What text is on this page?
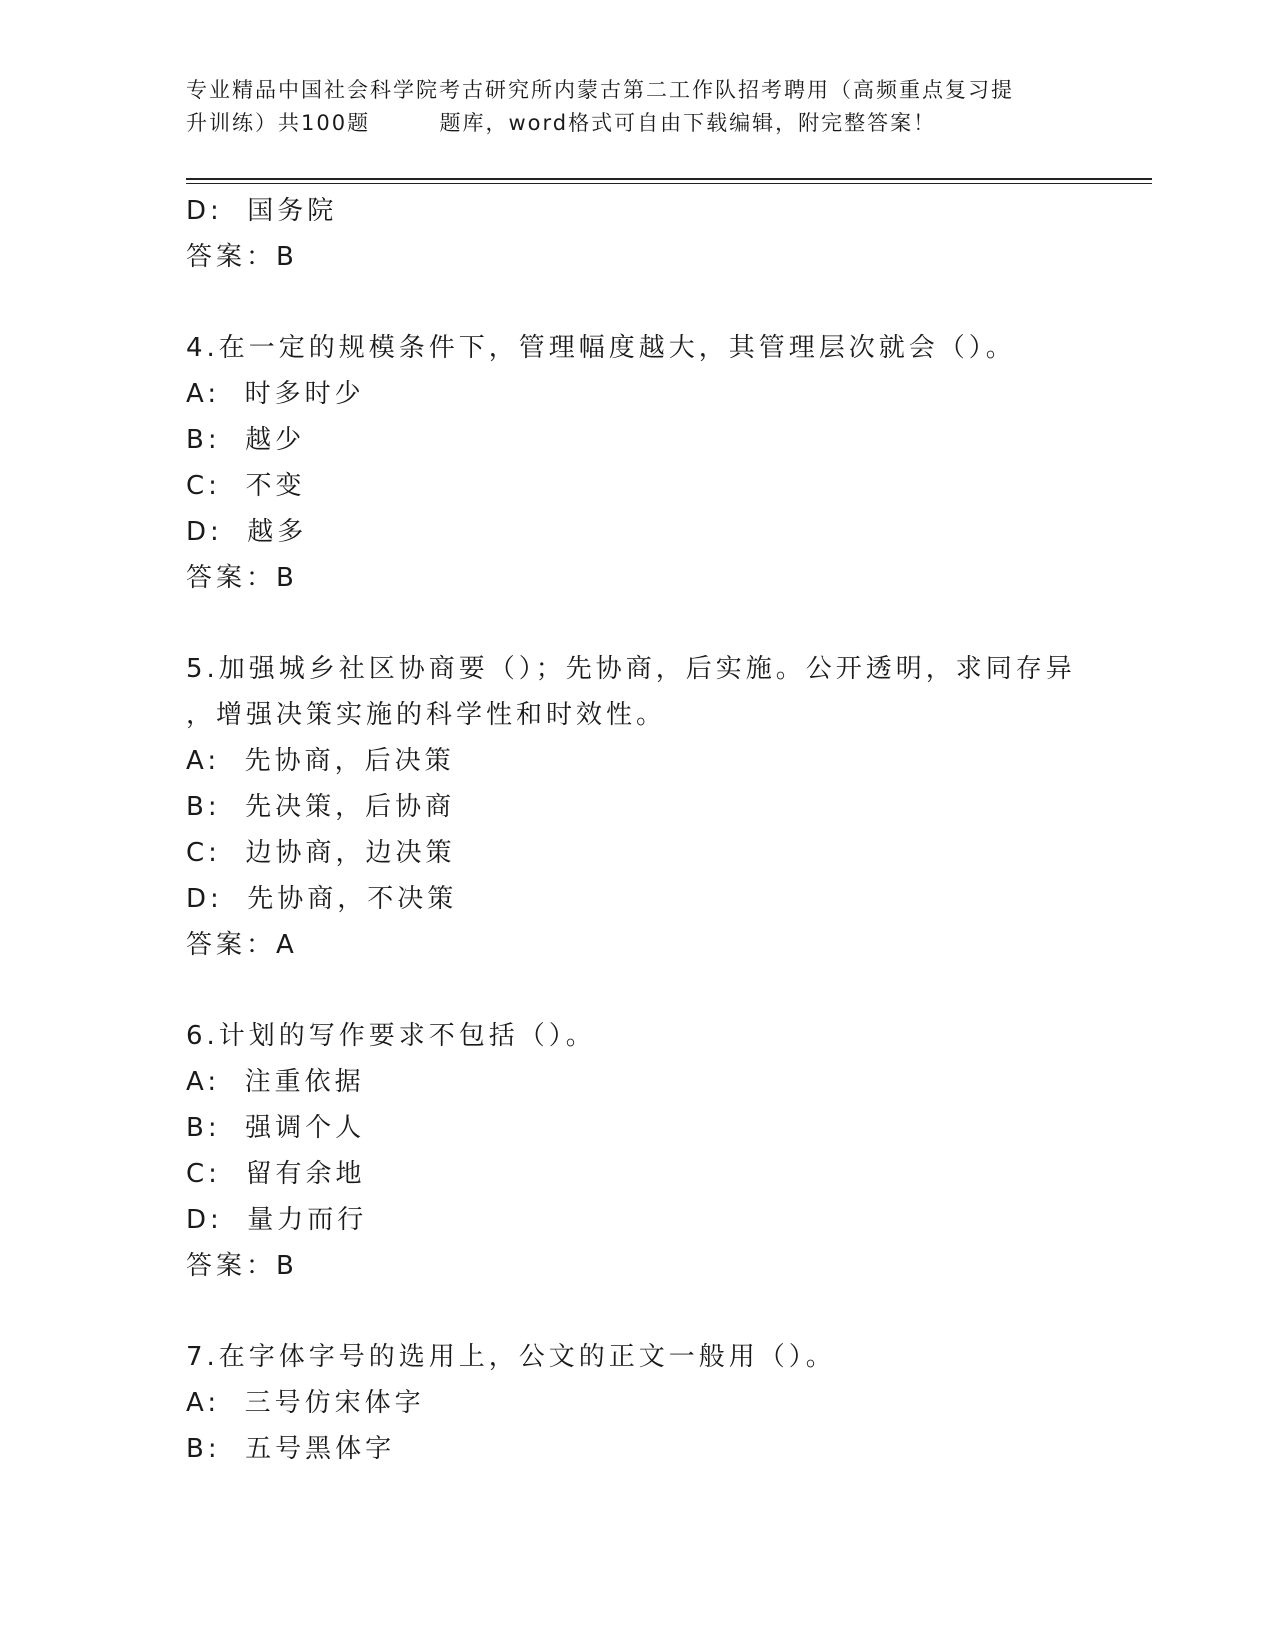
专业精品中国社会科学院考古研究所内蒙古第二工作队招考聘用（高频重点复习提
升训练）共100题        题库，word格式可自由下载编辑，附完整答案！
D:  国务院
答案：B
4.在一定的规模条件下，管理幅度越大，其管理层次就会（）。
A:  时多时少
B:  越少
C:  不变
D:  越多
答案：B
5.加强城乡社区协商要（）；先协商，后实施。公开透明，求同存异
，增强决策实施的科学性和时效性。
A:  先协商，后决策
B:  先决策，后协商
C:  边协商，边决策
D:  先协商，不决策
答案：A
6.计划的写作要求不包括（）。
A:  注重依据
B:  强调个人
C:  留有余地
D:  量力而行
答案：B
7.在字体字号的选用上，公文的正文一般用（）。
A:  三号仿宋体字
B:  五号黑体字
